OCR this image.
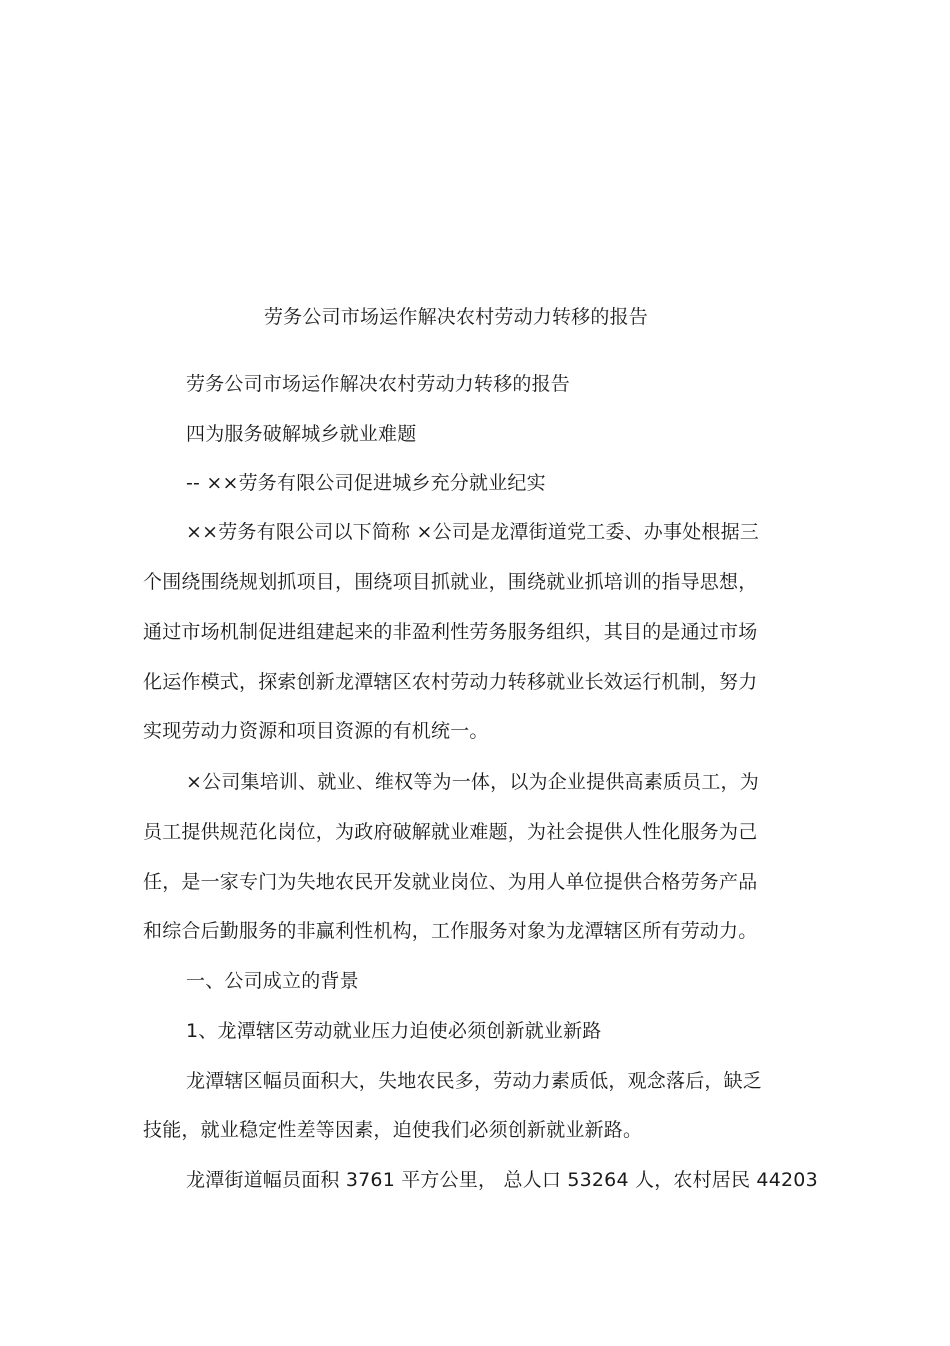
劳务公司市场运作解决农村劳动力转移的报告
劳务公司市场运作解决农村劳动力转移的报告
四为服务破解城乡就业难题
-- ××劳务有限公司促进城乡充分就业纪实
××劳务有限公司以下简称 ×公司是龙潭街道党工委、办事处根据三
个围绕围绕规划抓项目，围绕项目抓就业，围绕就业抓培训的指导思想，
通过市场机制促进组建起来的非盈利性劳务服务组织，其目的是通过市场
化运作模式，探索创新龙潭辖区农村劳动力转移就业长效运行机制，努力
实现劳动力资源和项目资源的有机统一。
×公司集培训、就业、维权等为一体，以为企业提供高素质员工，为
员工提供规范化岗位，为政府破解就业难题，为社会提供人性化服务为己
任，是一家专门为失地农民开发就业岗位、为用人单位提供合格劳务产品
和综合后勤服务的非赢利性机构，工作服务对象为龙潭辖区所有劳动力。
一、公司成立的背景
1、龙潭辖区劳动就业压力迫使必须创新就业新路
龙潭辖区幅员面积大，失地农民多，劳动力素质低，观念落后，缺乏
技能，就业稳定性差等因素，迫使我们必须创新就业新路。
龙潭街道幅员面积 3761 平方公里， 总人口 53264 人，农村居民 44203
